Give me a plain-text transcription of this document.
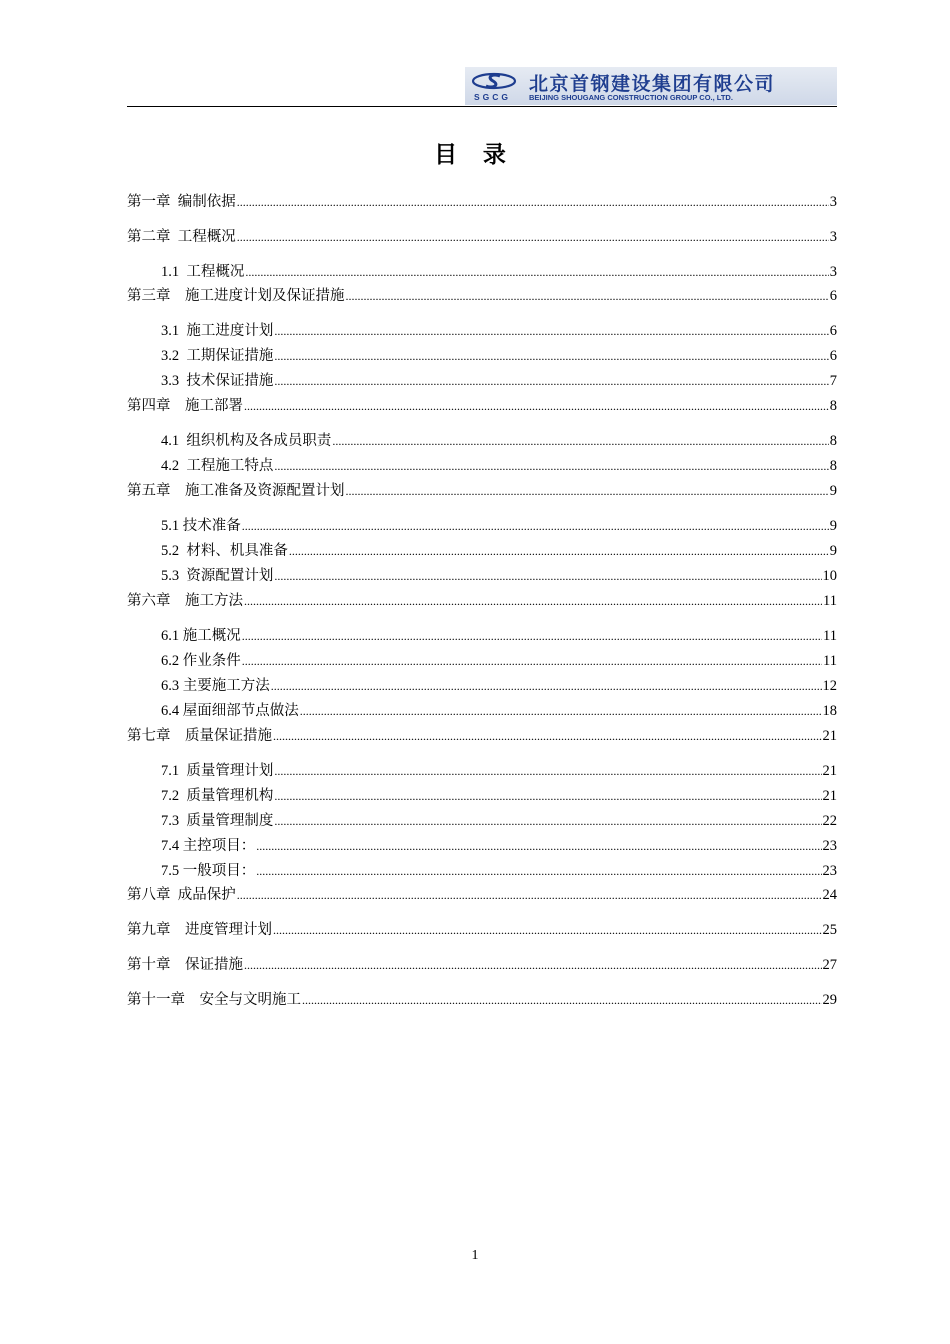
SGCG
北京首钢建设集团有限公司
BEIJING SHOUGANG CONSTRUCTION GROUP CO., LTD.
目 录
第一章  编制依据 .....	3
第二章  工程概况 .....	3
1.1  工程概况 .....	3
第三章    施工进度计划及保证措施 .....	6
3.1  施工进度计划 .....	6
3.2  工期保证措施 .....	6
3.3  技术保证措施 .....	7
第四章    施工部署 .....	8
4.1  组织机构及各成员职责 .....	8
4.2  工程施工特点 .....	8
第五章    施工准备及资源配置计划 .....	9
5.1 技术准备 .....	9
5.2  材料、机具准备 .....	9
5.3  资源配置计划 .....	10
第六章    施工方法 .....	11
6.1 施工概况 .....	11
6.2 作业条件 .....	11
6.3 主要施工方法 .....	12
6.4 屋面细部节点做法 .....	18
第七章    质量保证措施 .....	21
7.1  质量管理计划 .....	21
7.2  质量管理机构 .....	21
7.3  质量管理制度 .....	22
7.4 主控项目： .....	23
7.5 一般项目： .....	23
第八章  成品保护 .....	24
第九章    进度管理计划 .....	25
第十章    保证措施 .....	27
第十一章    安全与文明施工 .....	29
1
